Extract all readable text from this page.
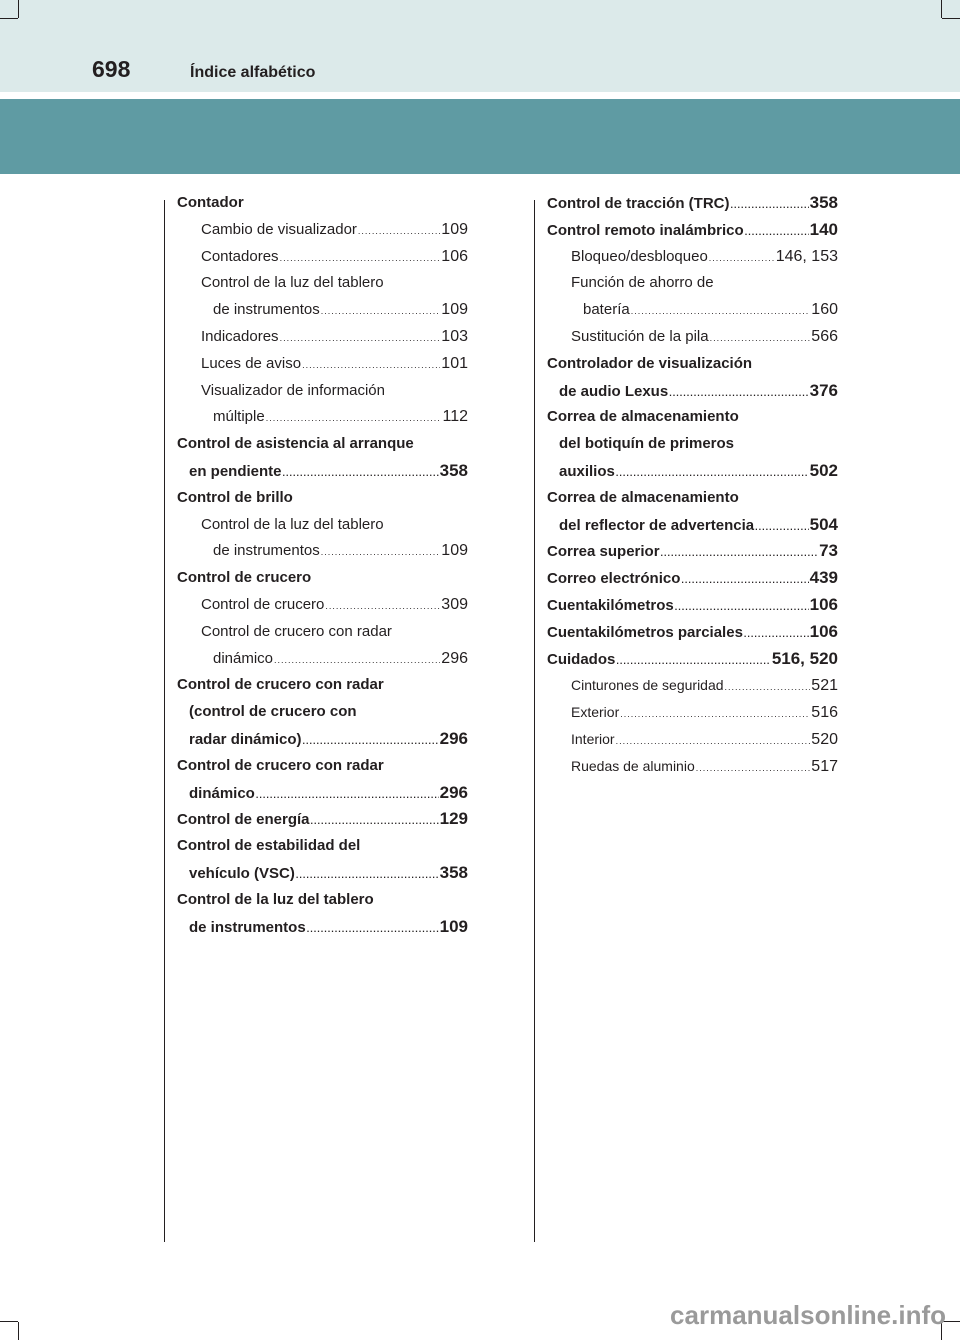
698	Índice alfabético
Contador
Cambio de visualizador .....	109
Contadores .....	106
Control de la luz del tablero
de instrumentos .....	109
Indicadores .....	103
Luces de aviso .....	101
Visualizador de información
múltiple .....	112
Control de asistencia al arranque
en pendiente .....	358
Control de brillo
Control de la luz del tablero
de instrumentos .....	109
Control de crucero
Control de crucero .....	309
Control de crucero con radar
dinámico .....	296
Control de crucero con radar
(control de crucero con
radar dinámico) .....	296
Control de crucero con radar
dinámico .....	296
Control de energía .....	129
Control de estabilidad del
vehículo (VSC) .....	358
Control de la luz del tablero
de instrumentos .....	109
Control de tracción (TRC) .....	358
Control remoto inalámbrico .....	140
Bloqueo/desbloqueo .....	146, 153
Función de ahorro de
batería .....	160
Sustitución de la pila .....	566
Controlador de visualización
de audio Lexus .....	376
Correa de almacenamiento
del botiquín de primeros
auxilios .....	502
Correa de almacenamiento
del reflector de advertencia .....	504
Correa superior .....	73
Correo electrónico .....	439
Cuentakilómetros .....	106
Cuentakilómetros parciales .....	106
Cuidados .....	516, 520
Cinturones de seguridad .....	521
Exterior .....	516
Interior .....	520
Ruedas de aluminio .....	517
carmanualsonline.info
